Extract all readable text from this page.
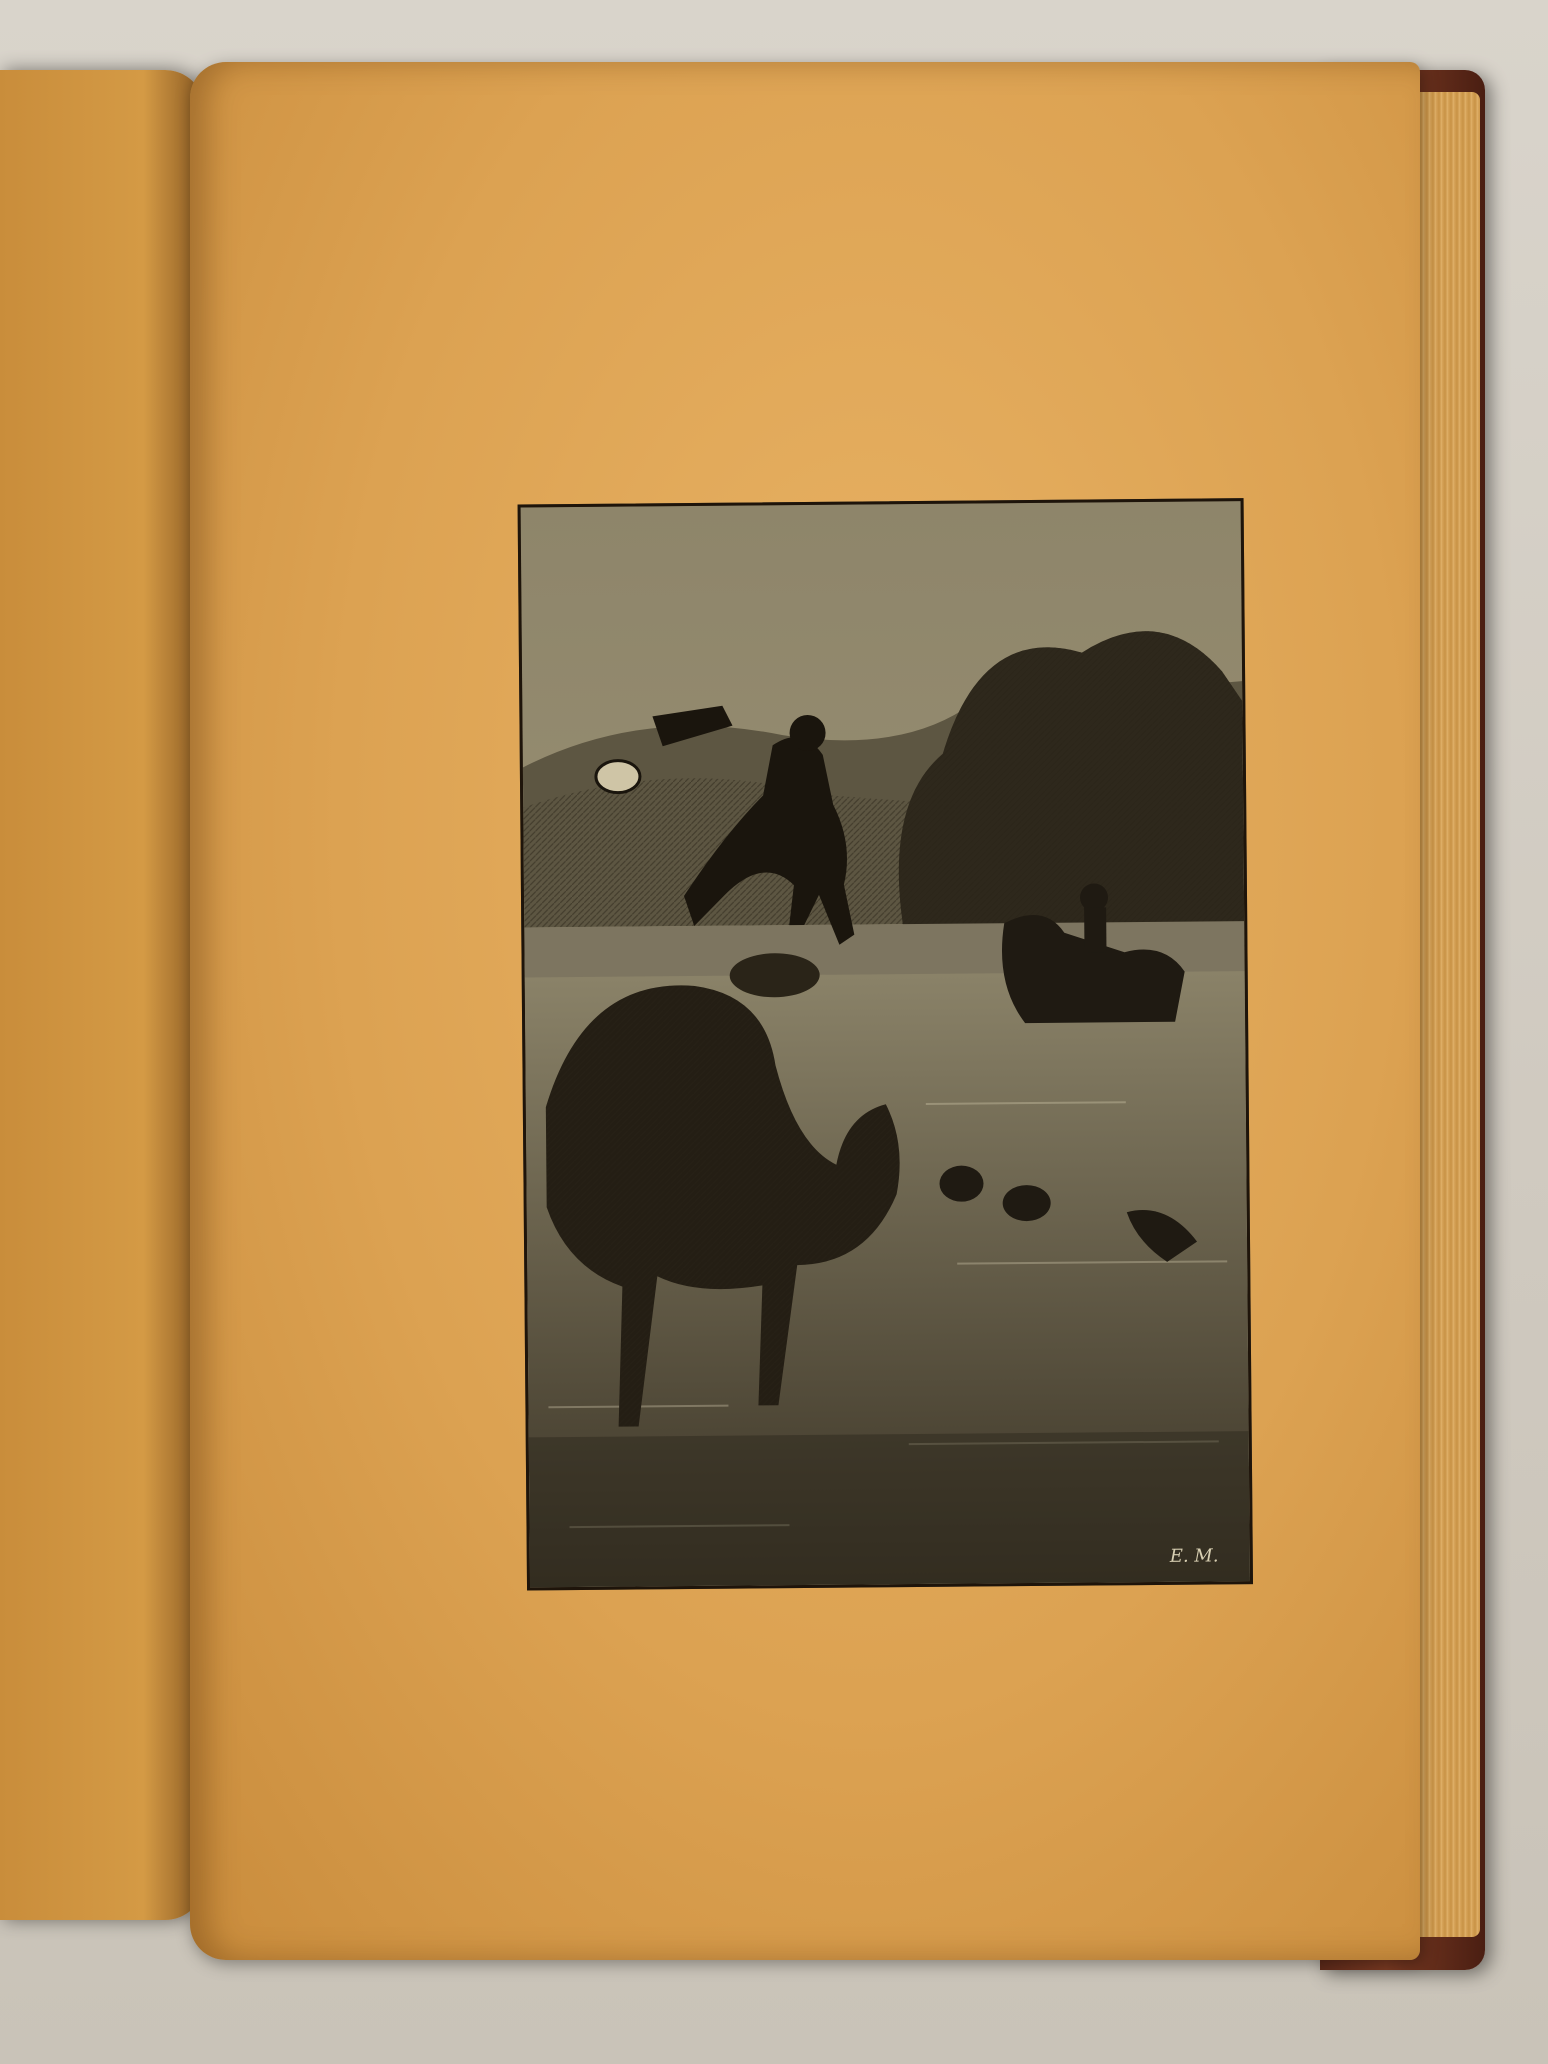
E. M.
